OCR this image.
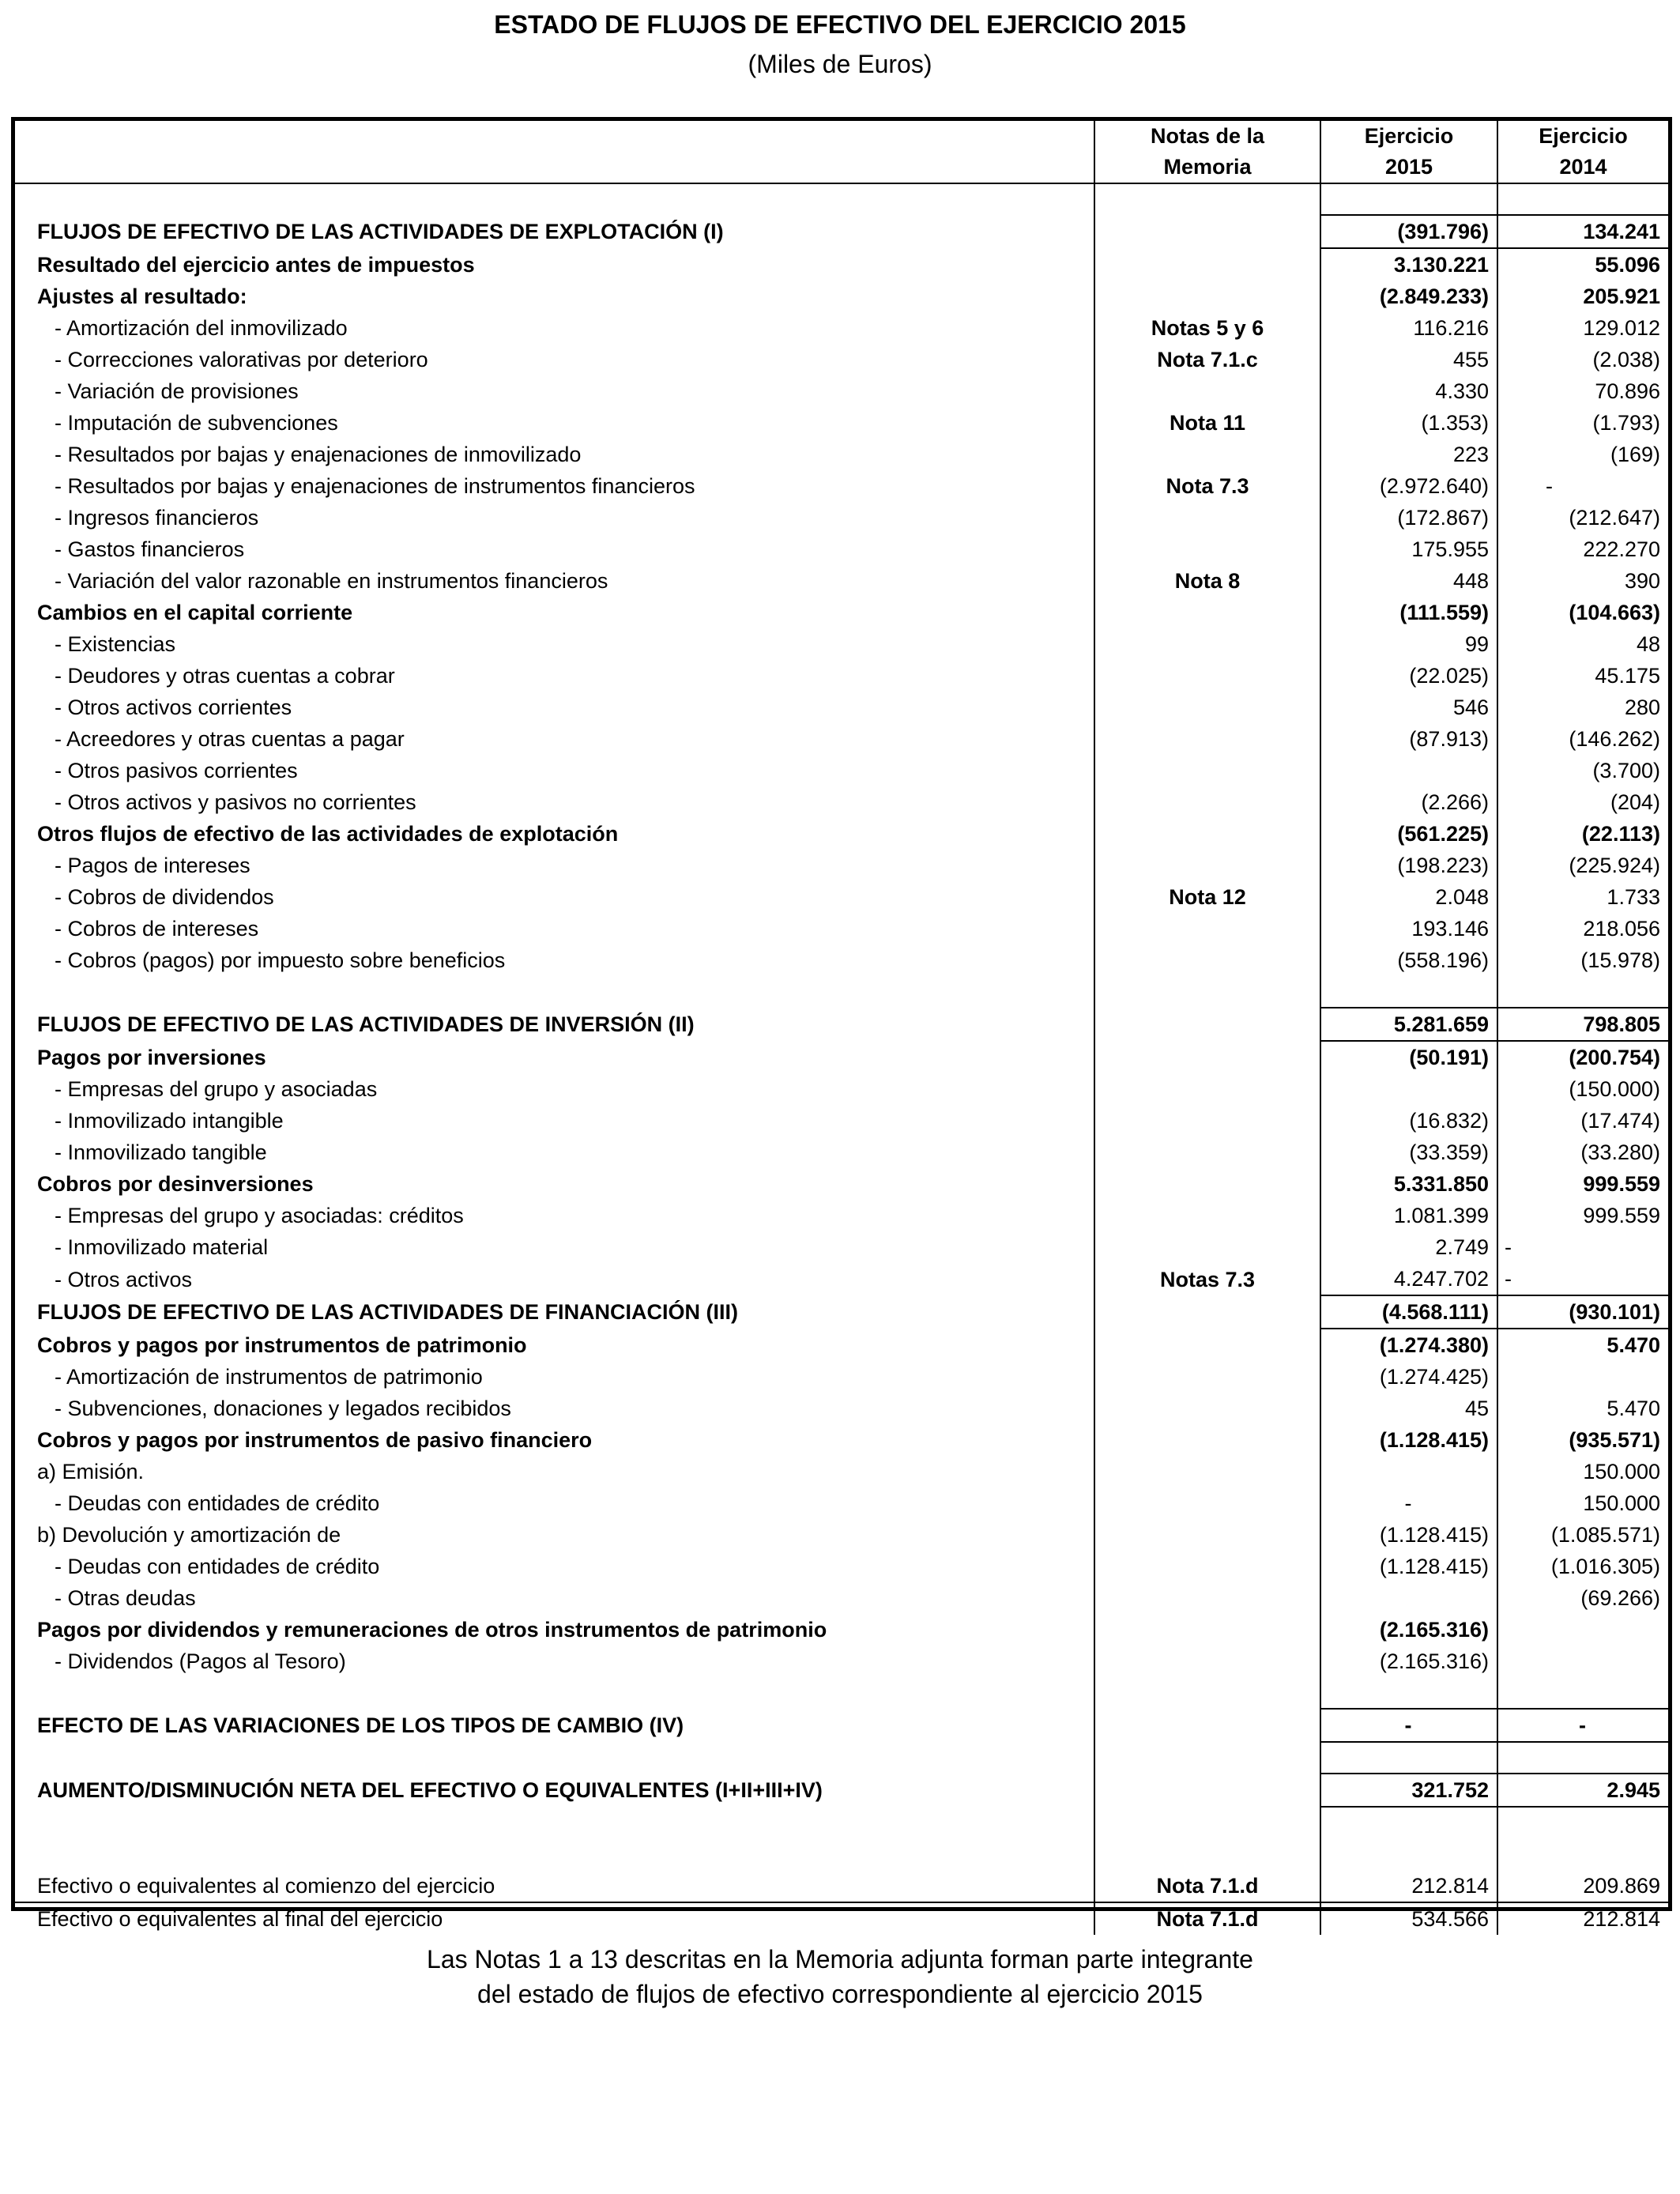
ESTADO DE FLUJOS DE EFECTIVO DEL EJERCICIO 2015
(Miles de Euros)
	Notas de la	Ejercicio	Ejercicio
	Memoria	2015	2014

FLUJOS DE EFECTIVO DE LAS ACTIVIDADES DE EXPLOTACIÓN (I)		(391.796)	134.241
Resultado del ejercicio antes de impuestos		3.130.221	55.096
Ajustes al resultado:		(2.849.233)	205.921
- Amortización del inmovilizado	Notas 5 y 6	116.216	129.012
- Correcciones valorativas por deterioro	Nota 7.1.c	455	(2.038)
- Variación de provisiones		4.330	70.896
- Imputación de subvenciones	Nota 11	(1.353)	(1.793)
- Resultados por bajas y enajenaciones de inmovilizado		223	(169)
- Resultados por bajas y enajenaciones de instrumentos financieros	Nota 7.3	(2.972.640)	-
- Ingresos financieros		(172.867)	(212.647)
- Gastos financieros		175.955	222.270
- Variación del valor razonable en instrumentos financieros	Nota 8	448	390
Cambios en el capital corriente		(111.559)	(104.663)
- Existencias		99	48
- Deudores y otras cuentas a cobrar		(22.025)	45.175
- Otros activos corrientes		546	280
- Acreedores y otras cuentas a pagar		(87.913)	(146.262)
- Otros pasivos corrientes			(3.700)
- Otros activos y pasivos no corrientes		(2.266)	(204)
Otros flujos de efectivo de las actividades de explotación		(561.225)	(22.113)
- Pagos de intereses		(198.223)	(225.924)
- Cobros de dividendos	Nota 12	2.048	1.733
- Cobros de intereses		193.146	218.056
- Cobros (pagos) por impuesto sobre beneficios		(558.196)	(15.978)

FLUJOS DE EFECTIVO DE LAS ACTIVIDADES DE INVERSIÓN (II)		5.281.659	798.805
Pagos por inversiones		(50.191)	(200.754)
- Empresas del grupo y asociadas			(150.000)
- Inmovilizado intangible		(16.832)	(17.474)
- Inmovilizado tangible		(33.359)	(33.280)
Cobros por desinversiones		5.331.850	999.559
- Empresas del grupo y asociadas: créditos		1.081.399	999.559
- Inmovilizado material		2.749	-
- Otros activos	Notas 7.3	4.247.702	-
FLUJOS DE EFECTIVO DE LAS ACTIVIDADES DE FINANCIACIÓN (III)		(4.568.111)	(930.101)
Cobros y pagos por instrumentos de patrimonio		(1.274.380)	5.470
- Amortización de instrumentos de patrimonio		(1.274.425)	
- Subvenciones, donaciones y legados recibidos		45	5.470
Cobros y pagos por instrumentos de pasivo financiero		(1.128.415)	(935.571)
a) Emisión.			150.000
- Deudas con entidades de crédito		-	150.000
b) Devolución y amortización de		(1.128.415)	(1.085.571)
- Deudas con entidades de crédito		(1.128.415)	(1.016.305)
- Otras deudas			(69.266)
Pagos por dividendos y remuneraciones de otros instrumentos de patrimonio		(2.165.316)	
- Dividendos (Pagos al Tesoro)		(2.165.316)	

EFECTO DE LAS VARIACIONES DE LOS TIPOS DE CAMBIO (IV)		-	-

AUMENTO/DISMINUCIÓN NETA DEL EFECTIVO O EQUIVALENTES (I+II+III+IV)		321.752	2.945

Efectivo o equivalentes al comienzo del ejercicio	Nota 7.1.d	212.814	209.869
Efectivo o equivalentes al final del ejercicio	Nota 7.1.d	534.566	212.814
Las Notas 1 a 13 descritas en la Memoria adjunta forman parte integrante
del estado de flujos de efectivo correspondiente al ejercicio 2015
